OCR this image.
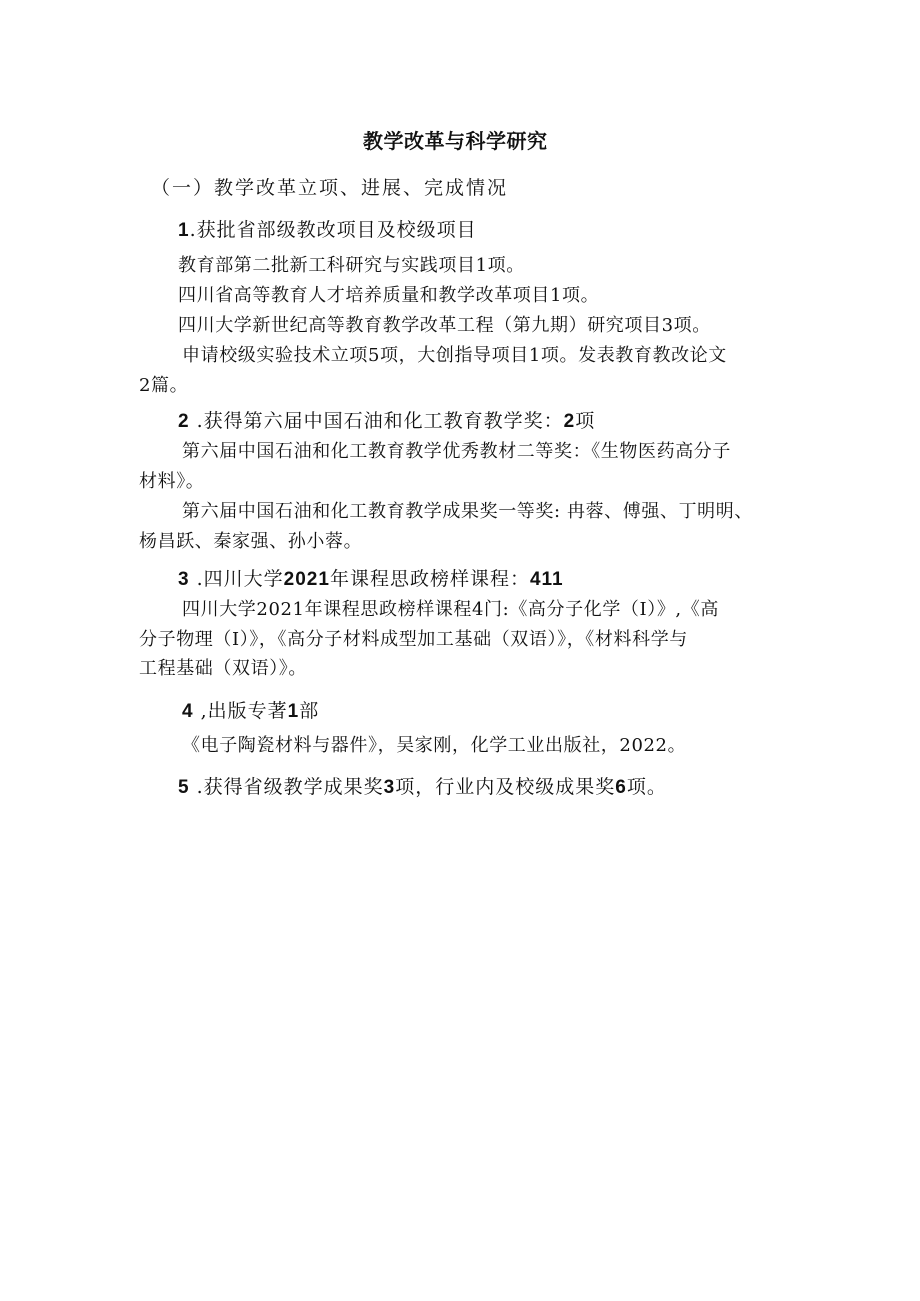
教学改革与科学研究
（一）教学改革立项、进展、完成情况
1.获批省部级教改项目及校级项目
教育部第二批新工科研究与实践项目1项。
四川省高等教育人才培养质量和教学改革项目1项。
四川大学新世纪高等教育教学改革工程（第九期）研究项目3项。
申请校级实验技术立项5项，大创指导项目1项。发表教育教改论文
2篇。
2 .获得第六届中国石油和化工教育教学奖：2项
第六届中国石油和化工教育教学优秀教材二等奖：《生物医药高分子
材料》。
第六届中国石油和化工教育教学成果奖一等奖: 冉蓉、傅强、丁明明、
杨昌跃、秦家强、孙小蓉。
3 .四川大学2021年课程思政榜样课程：411
四川大学2021年课程思政榜样课程4门:《高分子化学（I）》,《高
分子物理（I）》，《高分子材料成型加工基础（双语）》，《材料科学与
工程基础（双语）》。
4 ,出版专著1部
《电子陶瓷材料与器件》，吴家刚，化学工业出版社，2022。
5 .获得省级教学成果奖3项，行业内及校级成果奖6项。
